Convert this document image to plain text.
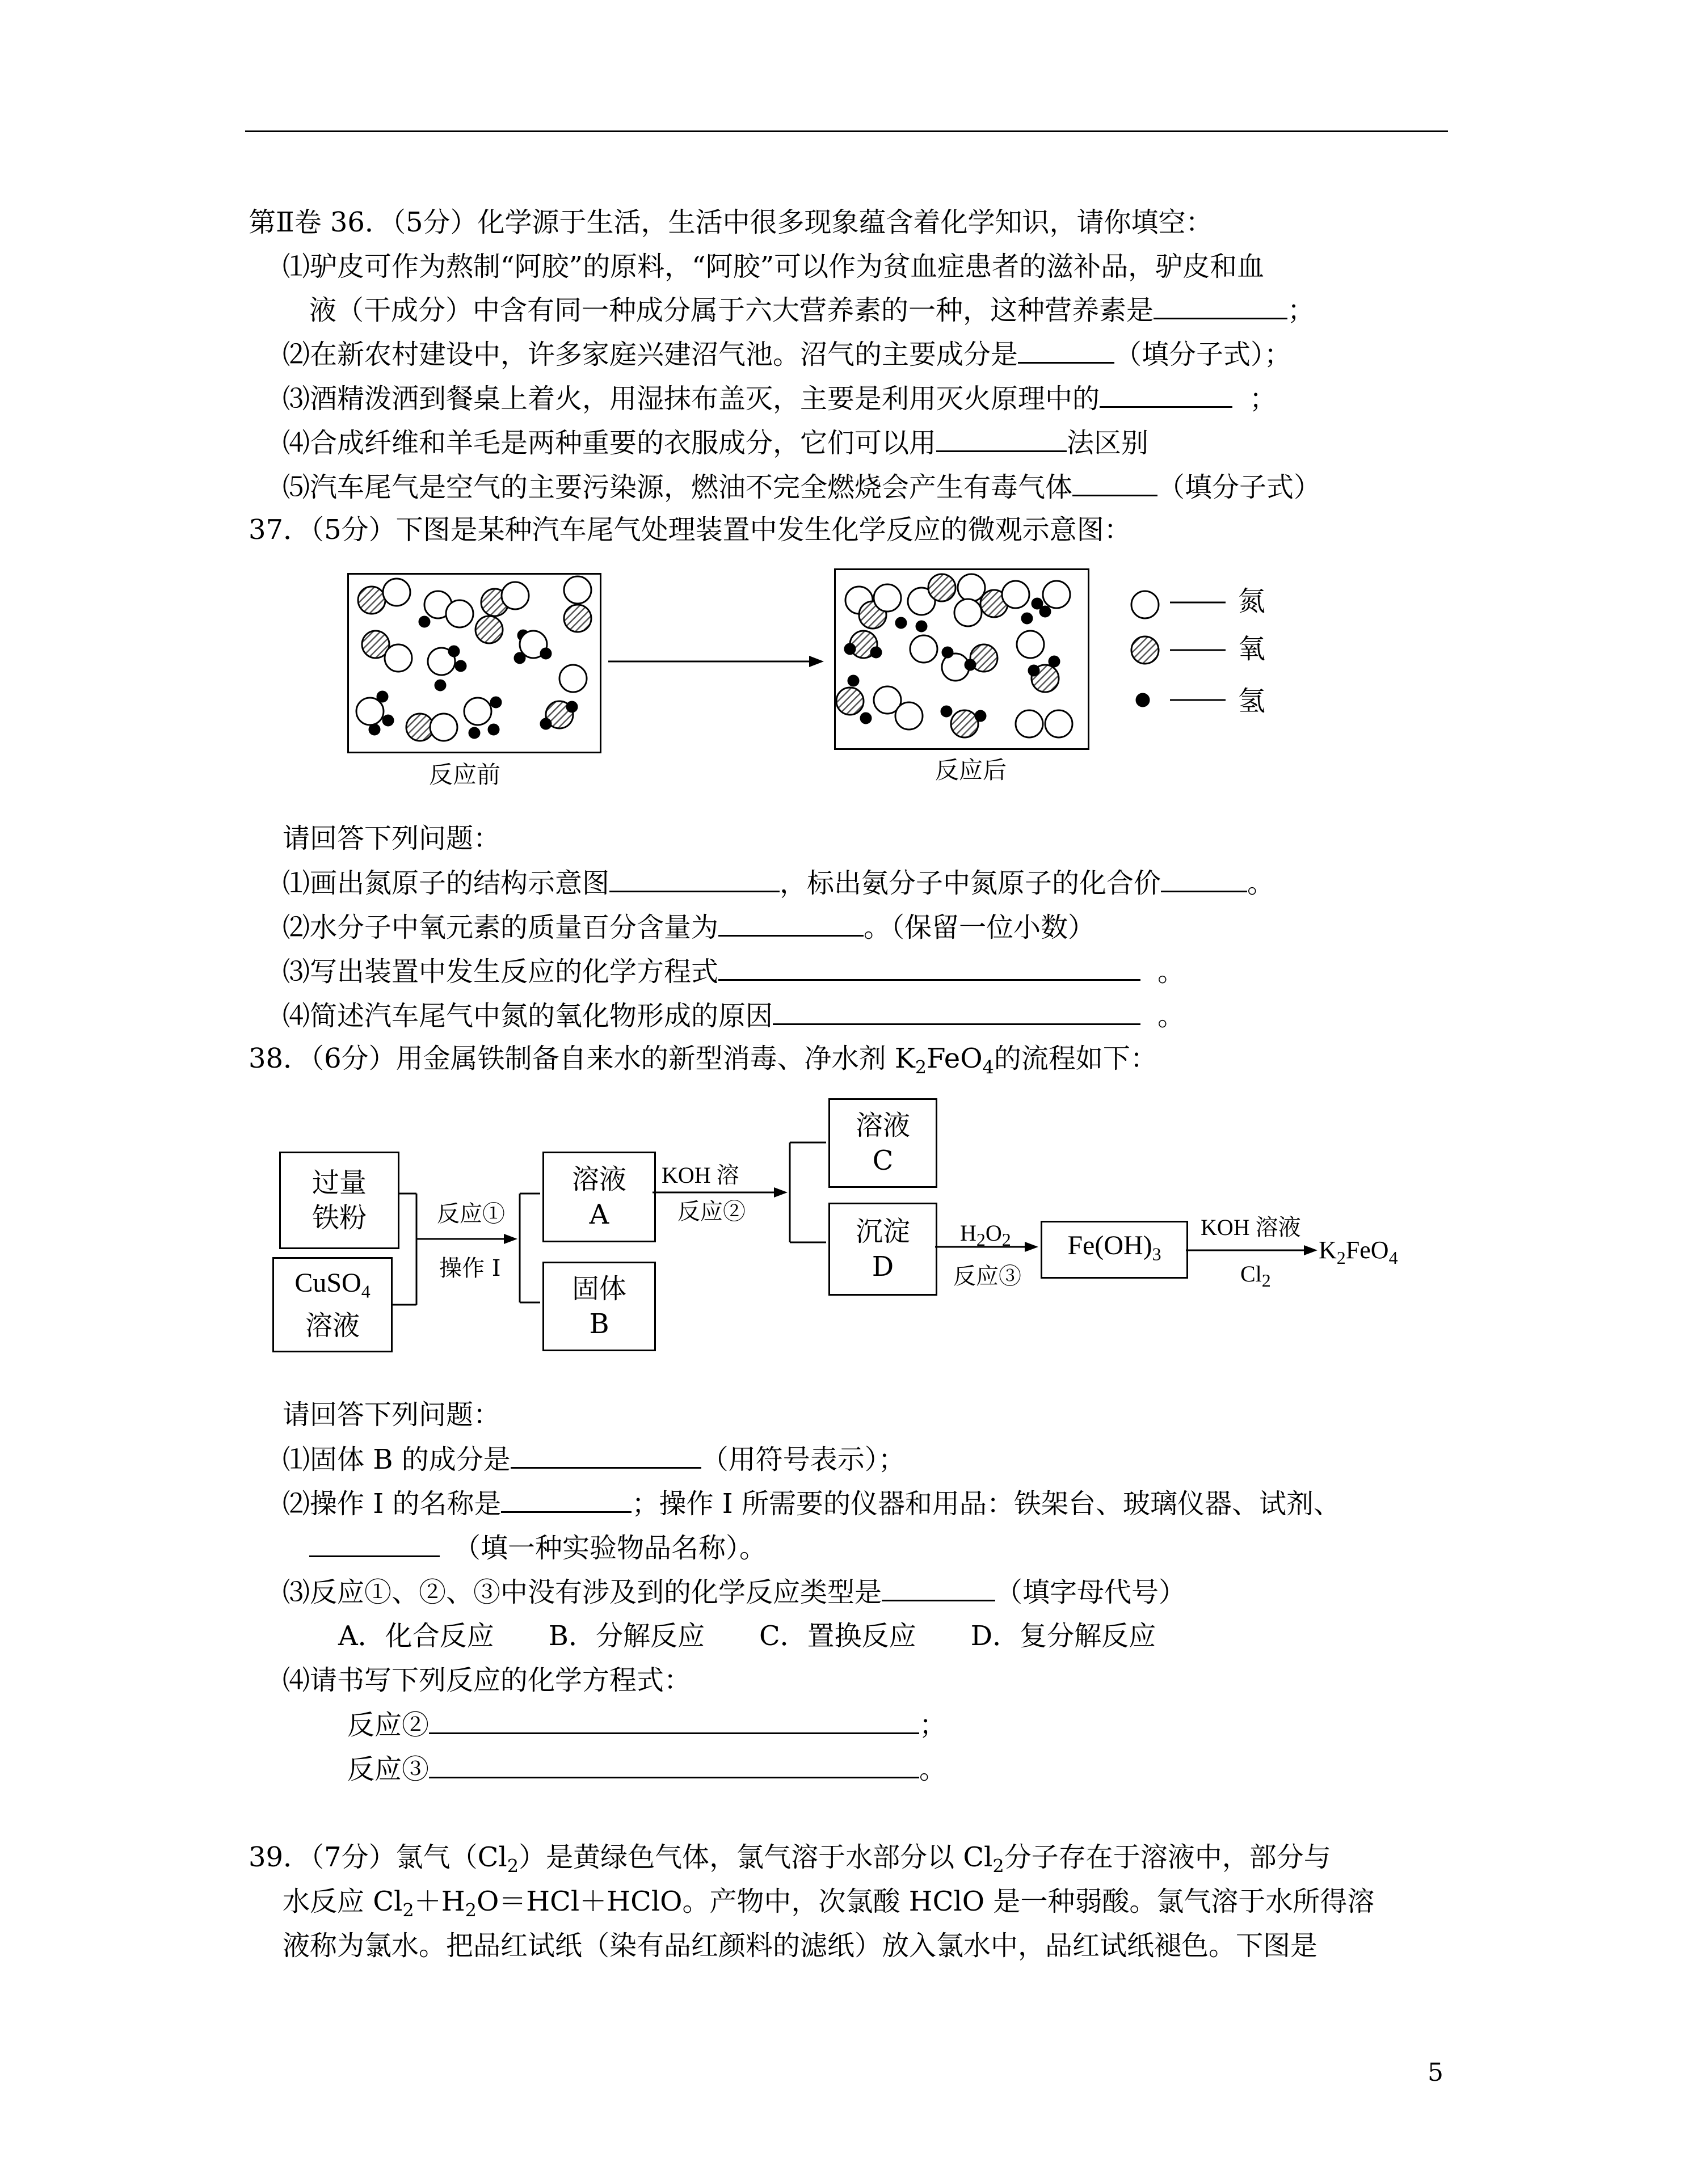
第Ⅱ卷 36．（5分）化学源于生活，生活中很多现象蕴含着化学知识，请你填空：
⑴驴皮可作为熬制“阿胶”的原料，“阿胶”可以作为贫血症患者的滋补品，驴皮和血
液（干成分）中含有同一种成分属于六大营养素的一种，这种营养素是	；
⑵在新农村建设中，许多家庭兴建沼气池。沼气的主要成分是	（填分子式）；
⑶酒精泼洒到餐桌上着火，用湿抹布盖灭，主要是利用灭火原理中的	；
⑷合成纤维和羊毛是两种重要的衣服成分，它们可以用	法区别
⑸汽车尾气是空气的主要污染源，燃油不完全燃烧会产生有毒气体	（填分子式）
37．（5分）下图是某种汽车尾气处理装置中发生化学反应的微观示意图：
氮
氧
氢
反应前	反应后
请回答下列问题：
⑴画出氮原子的结构示意图	，标出氨分子中氮原子的化合价	。
⑵水分子中氧元素的质量百分含量为	。（保留一位小数）
⑶写出装置中发生反应的化学方程式	。
⑷简述汽车尾气中氮的氧化物形成的原因	。
38．（6分）用金属铁制备自来水的新型消毒、净水剂 $K_2FeO_4$的流程如下：
过量
铁粉
CuSO$_4$
溶液
溶液
A
固体
B
溶液
C
沉淀
D
$Fe(OH)_3$
反应①
操作 I
KOH 溶
反应②
$H_2O_2$
反应③
KOH 溶液
$Cl_2$
$K_2FeO_4$
请回答下列问题：
⑴固体 B 的成分是	（用符号表示）；
⑵操作 I 的名称是	；操作 I 所需要的仪器和用品：铁架台、玻璃仪器、试剂、
（填一种实验物品名称）。
⑶反应①、②、③中没有涉及到的化学反应类型是	（填字母代号）
A．化合反应　　B．分解反应　　C．置换反应　　D．复分解反应
⑷请书写下列反应的化学方程式：
反应②	；
反应③	。
39．（7分）氯气$(Cl_2)$是黄绿色气体，氯气溶于水部分以 $Cl_2$分子存在于溶液中，部分与
水反应 $Cl_2+H_2O=HCl+HClO$。产物中，次氯酸 HClO 是一种弱酸。氯气溶于水所得溶
液称为氯水。把品红试纸（染有品红颜料的滤纸）放入氯水中，品红试纸褪色。下图是
5
